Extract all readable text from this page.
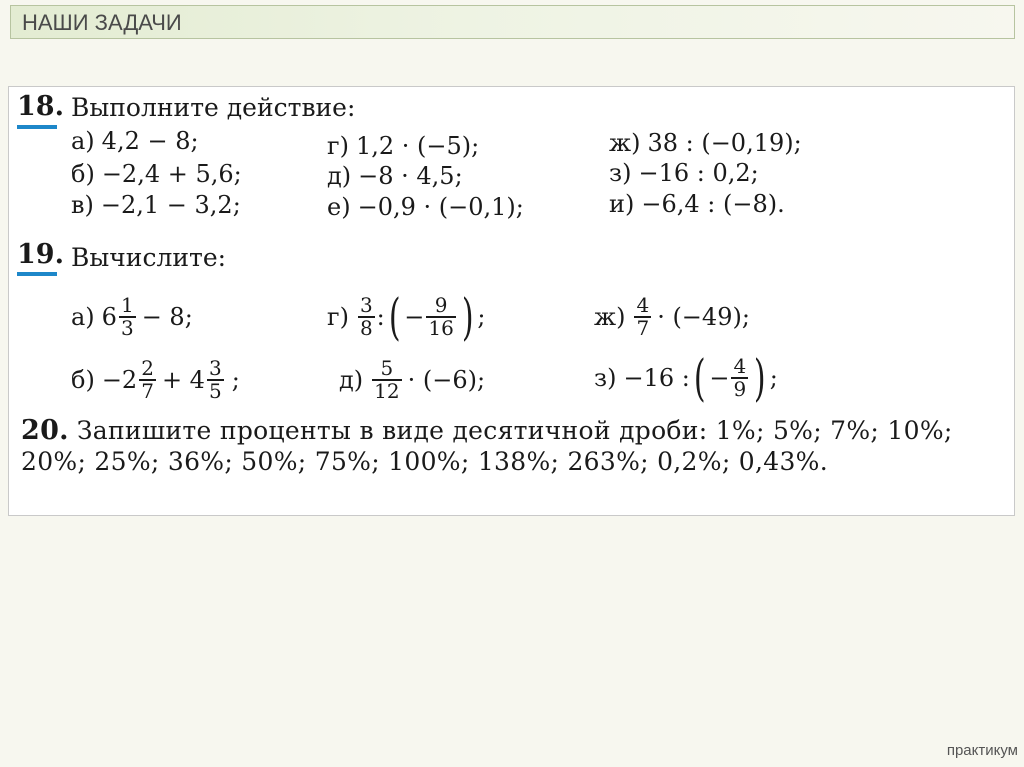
НАШИ ЗАДАЧИ
18. Выполните действие:
а) 4,2 − 8;
б) −2,4 + 5,6;
в) −2,1 − 3,2;
г) 1,2 · (−5);
д) −8 · 4,5;
е) −0,9 · (−0,1);
ж) 38 : (−0,19);
з) −16 : 0,2;
и) −6,4 : (−8).
19. Вычислите:
а) $6 \frac{1}{3} - 8$;	$г) \frac{3}{8}$ : ( − $\frac{9}{16}$ ) ;	$ж) \frac{4}{7} \cdot (-49)$;
$б) -2 \frac{2}{7} + 4 \frac{3}{5}$ ;	$д) \frac{5}{12} \cdot (-6)$;	з) −16 : ( − $\frac{4}{9}$ ) ;
20. Запишите проценты в виде десятичной дроби: 1%; 5%; 7%; 10%; 20%; 25%; 36%; 50%; 75%; 100%; 138%; 263%; 0,2%; 0,43%.
практикум
